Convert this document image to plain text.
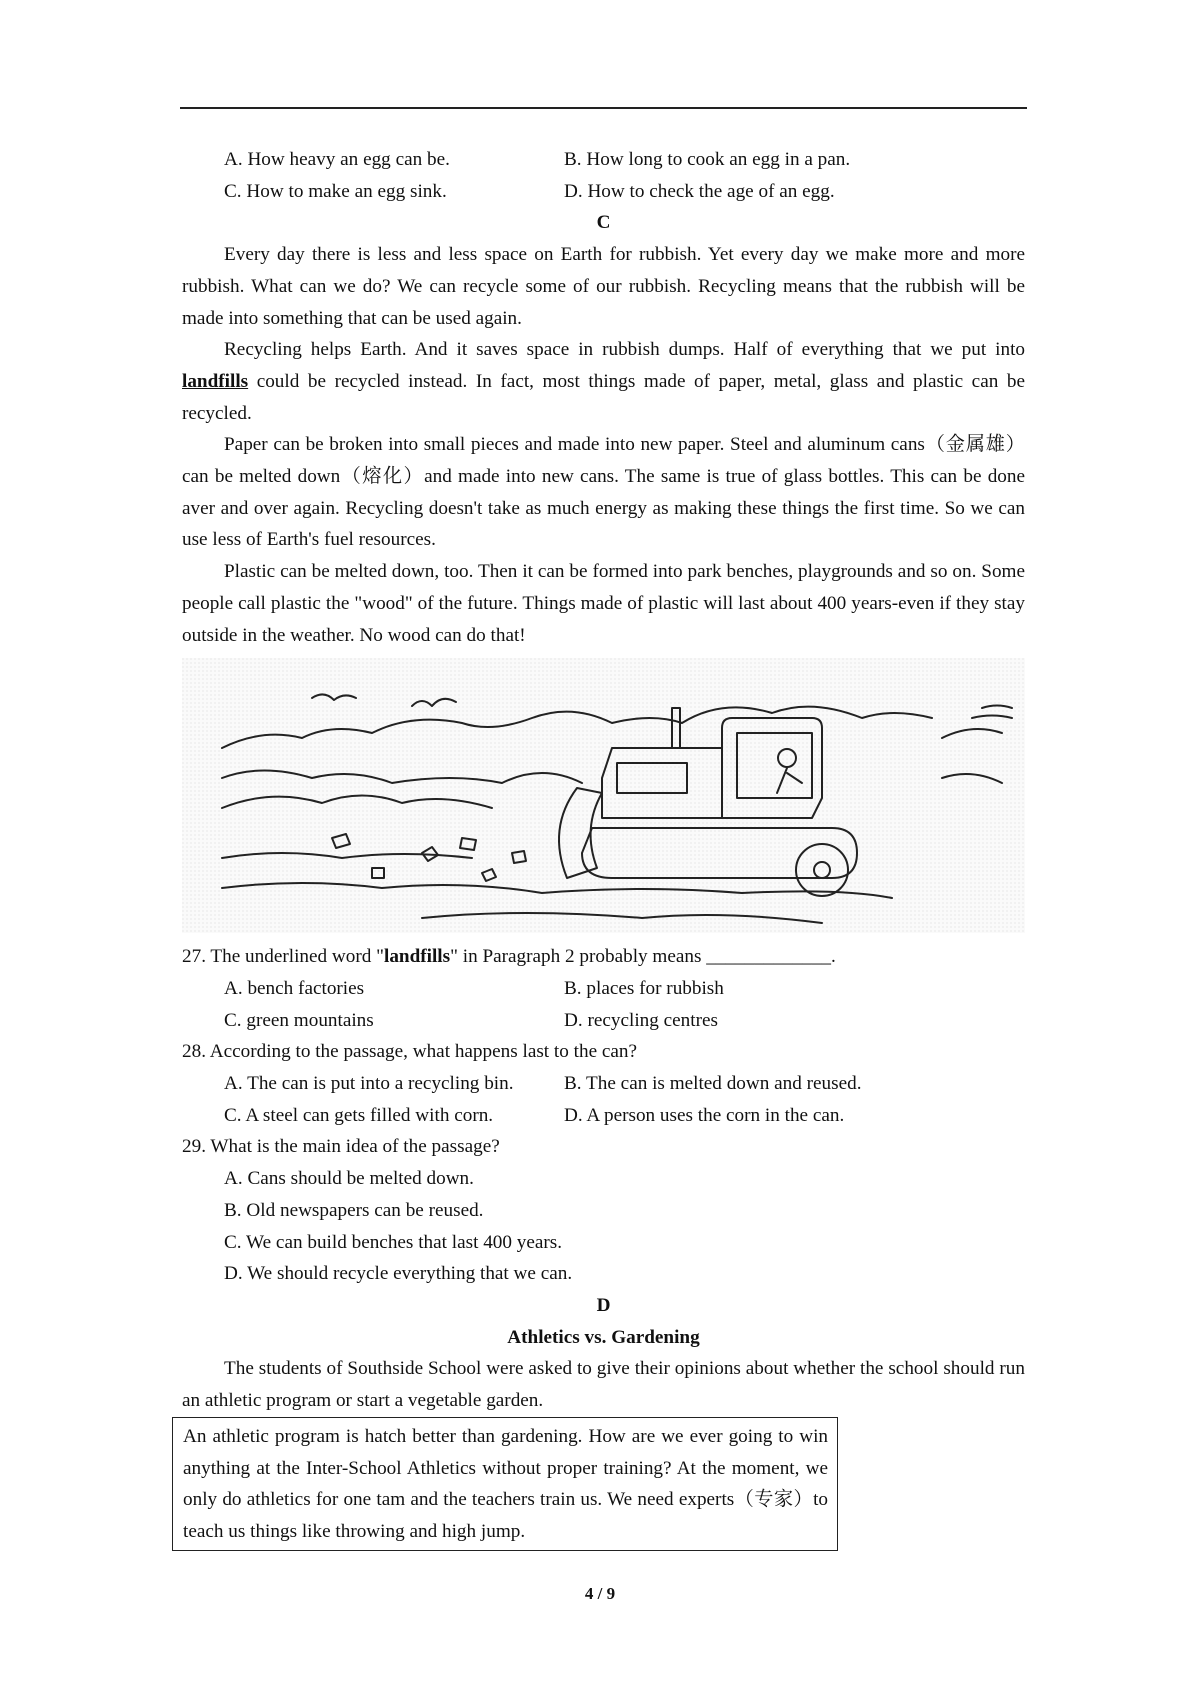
A. How heavy an egg can be.	B. How long to cook an egg in a pan.
C. How to make an egg sink.	D. How to check the age of an egg.
C

Every day there is less and less space on Earth for rubbish. Yet every day we make more and more rubbish. What can we do? We can recycle some of our rubbish. Recycling means that the rubbish will be made into something that can be used again.

Recycling helps Earth. And it saves space in rubbish dumps. Half of everything that we put into landfills could be recycled instead. In fact, most things made of paper, metal, glass and plastic can be recycled.

Paper can be broken into small pieces and made into new paper. Steel and aluminum cans（金属雄）can be melted down（熔化）and made into new cans. The same is true of glass bottles. This can be done aver and over again. Recycling doesn't take as much energy as making these things the first time. So we can use less of Earth's fuel resources.

Plastic can be melted down, too. Then it can be formed into park benches, playgrounds and so on. Some people call plastic the "wood" of the future. Things made of plastic will last about 400 years-even if they stay outside in the weather. No wood can do that!

27. The underlined word "landfills" in Paragraph 2 probably means _____________.
A. bench factories	B. places for rubbish
C. green mountains	D. recycling centres
28. According to the passage, what happens last to the can?
A. The can is put into a recycling bin.	B. The can is melted down and reused.
C. A steel can gets filled with corn.	D. A person uses the corn in the can.
29. What is the main idea of the passage?
A. Cans should be melted down.
B. Old newspapers can be reused.
C. We can build benches that last 400 years.
D. We should recycle everything that we can.
D
Athletics vs. Gardening

The students of Southside School were asked to give their opinions about whether the school should run an athletic program or start a vegetable garden.

An athletic program is hatch better than gardening. How are we ever going to win anything at the Inter-School Athletics without proper training? At the moment, we only do athletics for one tam and the teachers train us. We need experts（专家）to teach us things like throwing and high jump.
4 / 9
